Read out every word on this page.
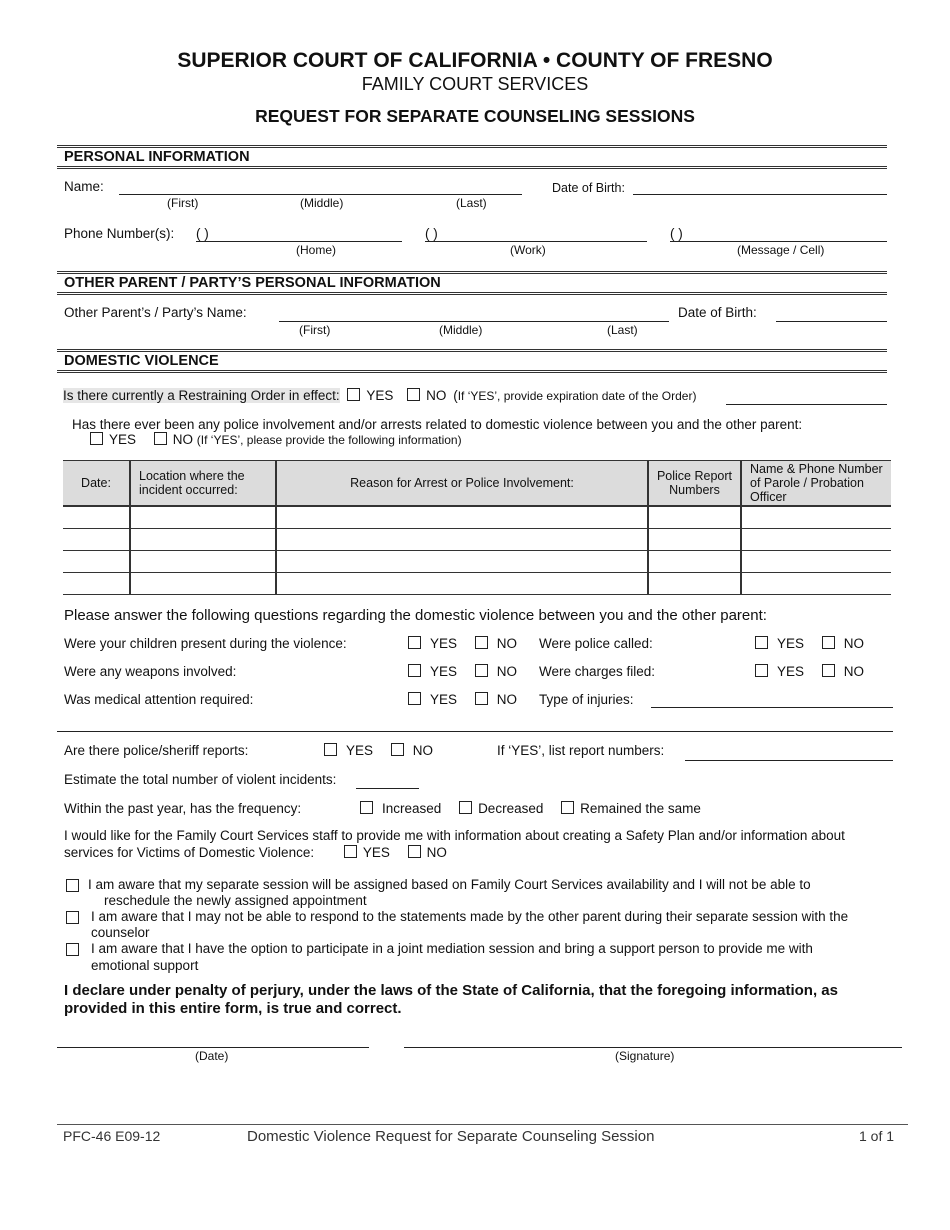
SUPERIOR COURT OF CALIFORNIA • COUNTY OF FRESNO
FAMILY COURT SERVICES
REQUEST FOR SEPARATE COUNSELING SESSIONS
PERSONAL INFORMATION
Name:
(First)	(Middle)	(Last)
Date of Birth:
Phone Number(s): ( )
(Home)
( )
(Work)
( )
(Message / Cell)
OTHER PARENT / PARTY’S PERSONAL INFORMATION
Other Parent’s / Party’s Name:
(First)	(Middle)	(Last)
Date of Birth:
DOMESTIC VIOLENCE
Is there currently a Restraining Order in effect: YES NO (If ‘YES’, provide expiration date of the Order)
Has there ever been any police involvement and/or arrests related to domestic violence between you and the other parent:
YES	NO (If ‘YES’, please provide the following information)
Date:	Location where the incident occurred:	Reason for Arrest or Police Involvement:	Police Report Numbers	Name & Phone Number of Parole / Probation Officer

Please answer the following questions regarding the domestic violence between you and the other parent:
Were your children present during the violence:	YES	NO Were police called:	YES	NO
Were any weapons involved:	YES	NO Were charges filed:	YES	NO
Was medical attention required:	YES	NO Type of injuries:
Are there police/sheriff reports:	YES	NO	If ‘YES’, list report numbers:
Estimate the total number of violent incidents:
Within the past year, has the frequency:	Increased	Decreased	Remained the same
I would like for the Family Court Services staff to provide me with information about creating a Safety Plan and/or information about
services for Victims of Domestic Violence:	YES	NO
I am aware that my separate session will be assigned based on Family Court Services availability and I will not be able to
reschedule the newly assigned appointment
I am aware that I may not be able to respond to the statements made by the other parent during their separate session with the
counselor
I am aware that I have the option to participate in a joint mediation session and bring a support person to provide me with
emotional support
I declare under penalty of perjury, under the laws of the State of California, that the foregoing information, as
provided in this entire form, is true and correct.
(Date)	(Signature)
PFC-46 E09-12	Domestic Violence Request for Separate Counseling Session	1 of 1
